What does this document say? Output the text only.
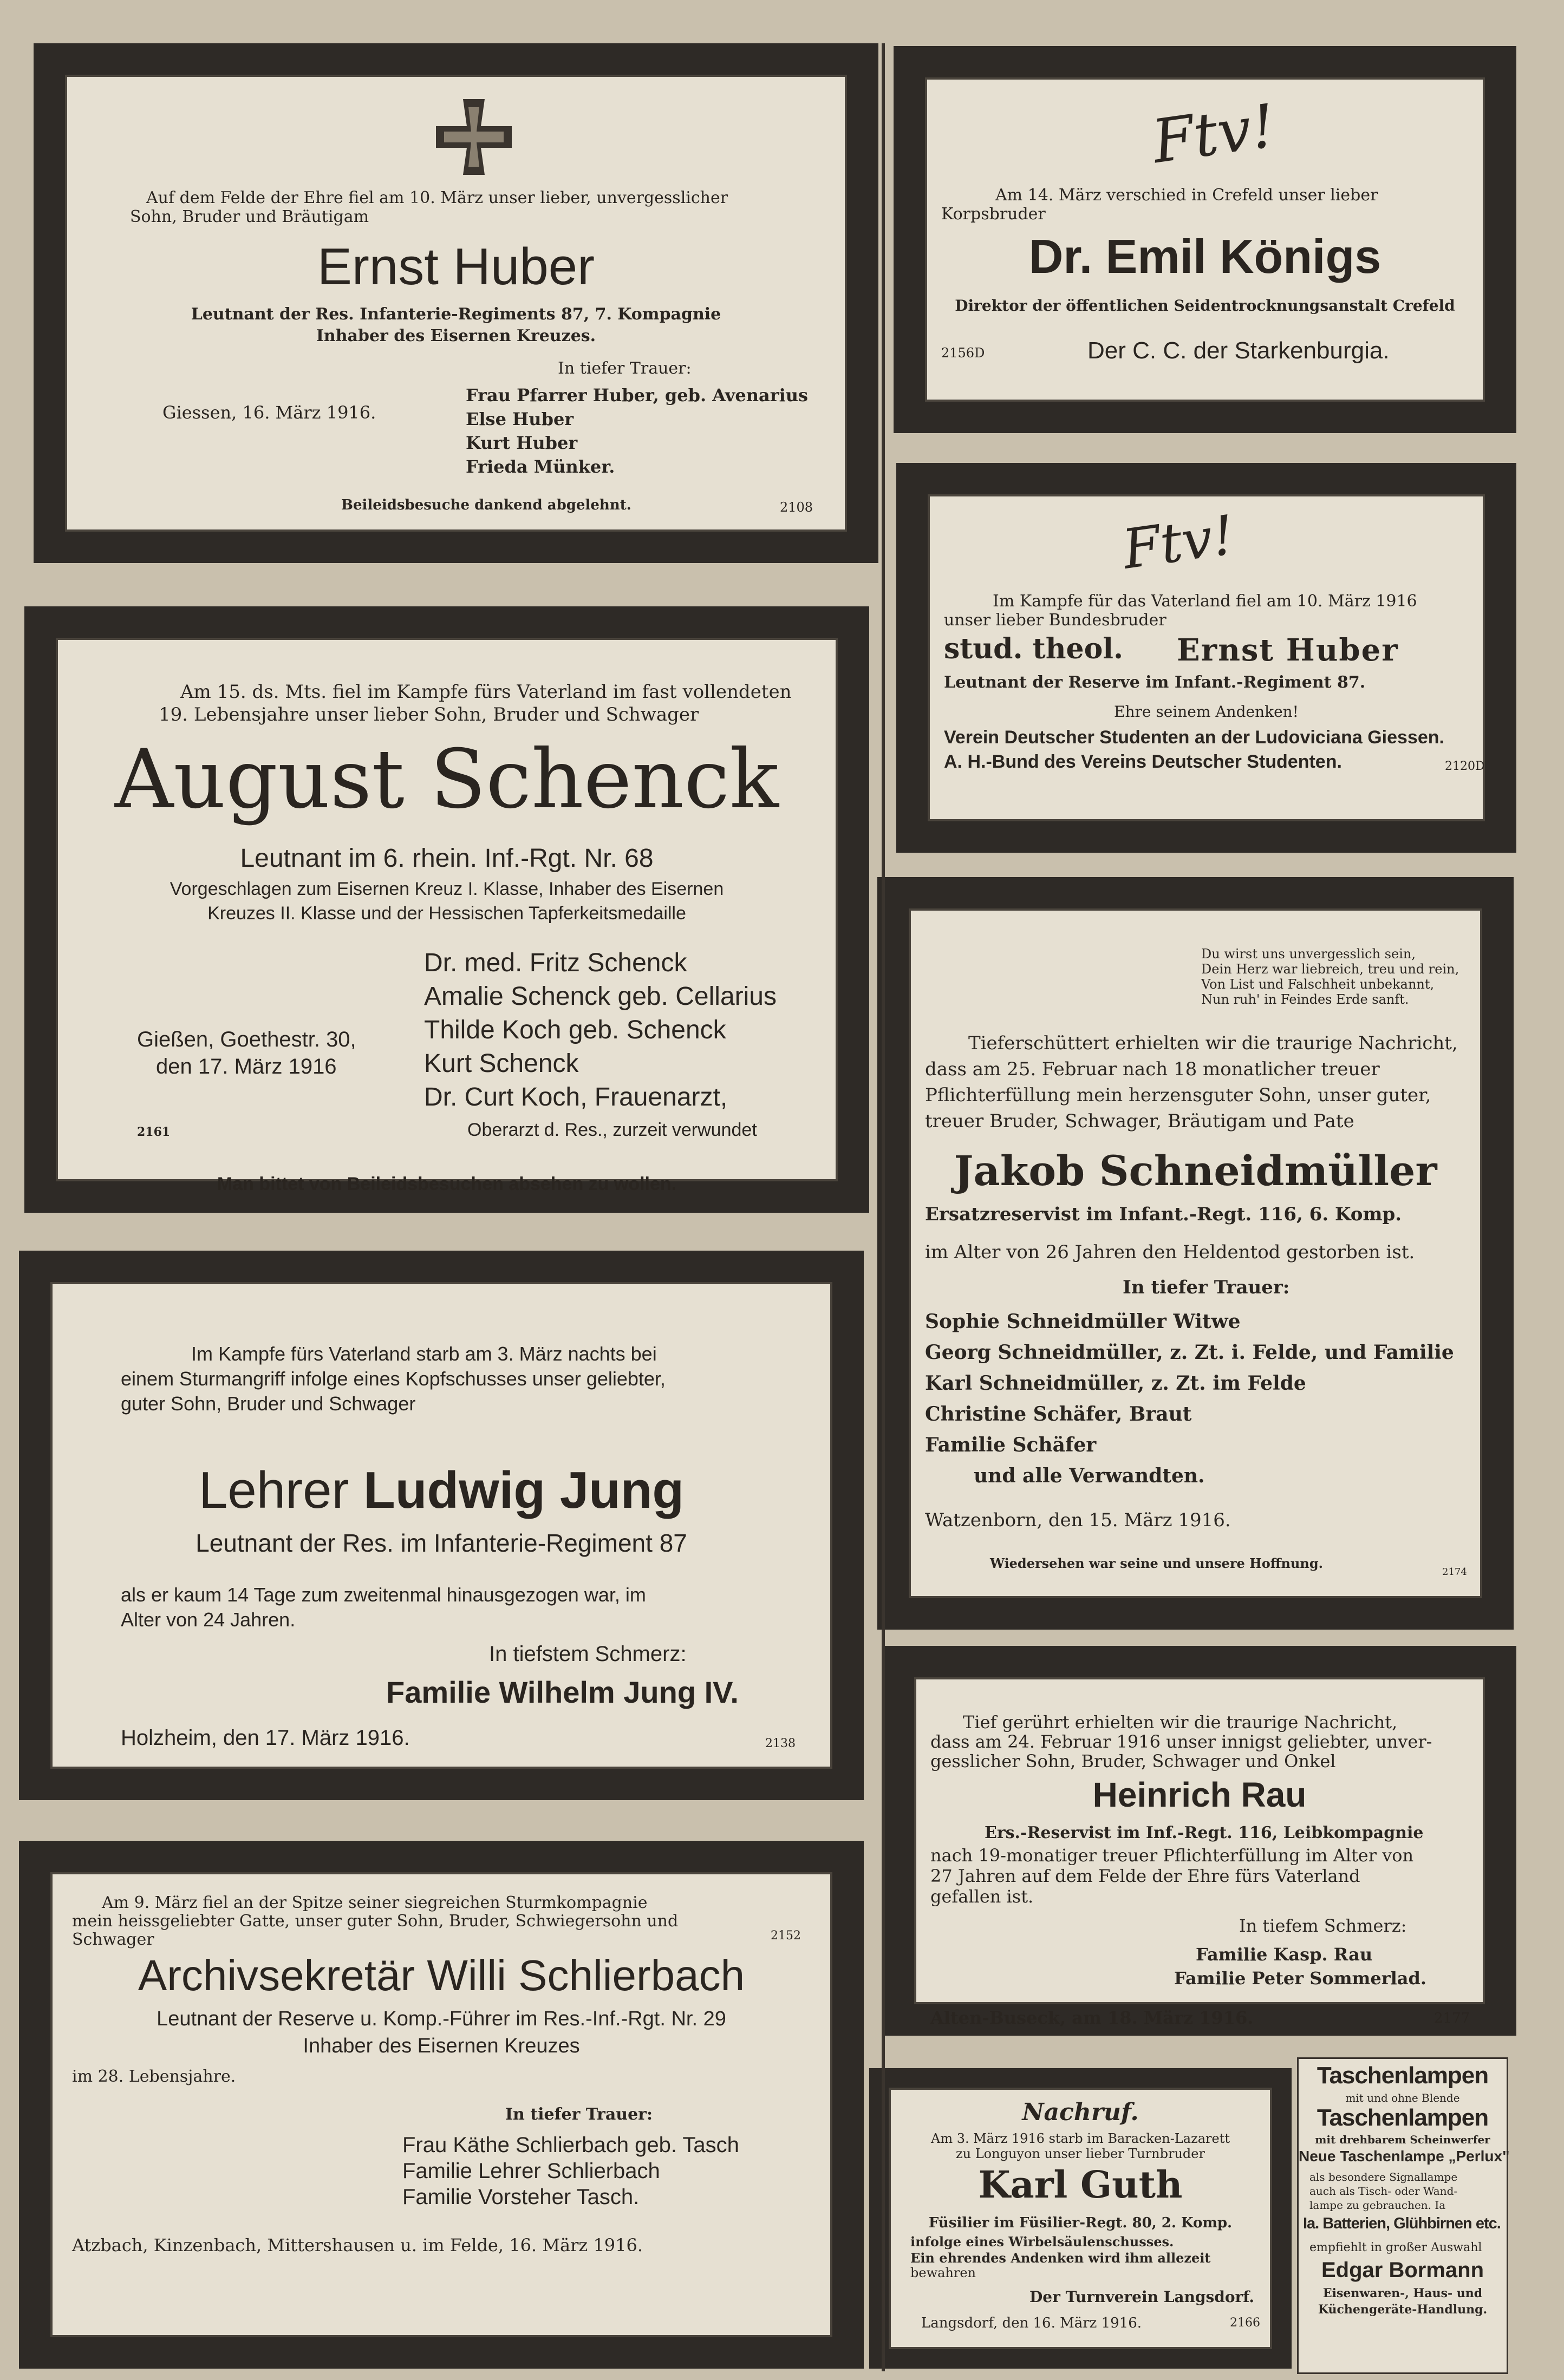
Auf dem Felde der Ehre fiel am 10. März unser lieber, unvergesslicher
Sohn, Bruder und Bräutigam
Ernst Huber
Leutnant der Res. Infanterie-Regiments 87, 7. Kompagnie
Inhaber des Eisernen Kreuzes.
In tiefer Trauer:
Giessen, 16. März 1916.
Frau Pfarrer Huber, geb. Avenarius
Else Huber
Kurt Huber
Frieda Münker.
Beileidsbesuche dankend abgelehnt.	2108
Ftv!
Am 14. März verschied in Crefeld unser lieber
Korpsbruder
Dr. Emil Königs
Direktor der öffentlichen Seidentrocknungsanstalt Crefeld
2156D	Der C. C. der Starkenburgia.
Ftv!
Im Kampfe für das Vaterland fiel am 10. März 1916
unser lieber Bundesbruder
stud. theol. Ernst Huber
Leutnant der Reserve im Infant.-Regiment 87.
Ehre seinem Andenken!
Verein Deutscher Studenten an der Ludoviciana Giessen.
A. H.-Bund des Vereins Deutscher Studenten.	2120D
Am 15. ds. Mts. fiel im Kampfe fürs Vaterland im fast vollendeten
19. Lebensjahre unser lieber Sohn, Bruder und Schwager
August Schenck
Leutnant im 6. rhein. Inf.-Rgt. Nr. 68
Vorgeschlagen zum Eisernen Kreuz I. Klasse, Inhaber des Eisernen
Kreuzes II. Klasse und der Hessischen Tapferkeitsmedaille
Gießen, Goethestr. 30,
den 17. März 1916
Dr. med. Fritz Schenck
Amalie Schenck geb. Cellarius
Thilde Koch geb. Schenck
Kurt Schenck
Dr. Curt Koch, Frauenarzt,
Oberarzt d. Res., zurzeit verwundet
2161
Man bittet von Beileidsbesuchen absehen zu wollen.
Du wirst uns unvergesslich sein,
Dein Herz war liebreich, treu und rein,
Von List und Falschheit unbekannt,
Nun ruh' in Feindes Erde sanft.
Tieferschüttert erhielten wir die traurige Nachricht,
dass am 25. Februar nach 18 monatlicher treuer
Pflichterfüllung mein herzensguter Sohn, unser guter,
treuer Bruder, Schwager, Bräutigam und Pate
Jakob Schneidmüller
Ersatzreservist im Infant.-Regt. 116, 6. Komp.
im Alter von 26 Jahren den Heldentod gestorben ist.
In tiefer Trauer:
Sophie Schneidmüller Witwe
Georg Schneidmüller, z. Zt. i. Felde, und Familie
Karl Schneidmüller, z. Zt. im Felde
Christine Schäfer, Braut
Familie Schäfer
und alle Verwandten.
Watzenborn, den 15. März 1916.
Wiedersehen war seine und unsere Hoffnung.
2174
Im Kampfe fürs Vaterland starb am 3. März nachts bei
einem Sturmangriff infolge eines Kopfschusses unser geliebter,
guter Sohn, Bruder und Schwager
Lehrer Ludwig Jung
Leutnant der Res. im Infanterie-Regiment 87
als er kaum 14 Tage zum zweitenmal hinausgezogen war, im
Alter von 24 Jahren.
In tiefstem Schmerz:
Familie Wilhelm Jung IV.
Holzheim, den 17. März 1916.	2138
Tief gerührt erhielten wir die traurige Nachricht,
dass am 24. Februar 1916 unser innigst geliebter, unver-
gesslicher Sohn, Bruder, Schwager und Onkel
Heinrich Rau
Ers.-Reservist im Inf.-Regt. 116, Leibkompagnie
nach 19-monatiger treuer Pflichterfüllung im Alter von
27 Jahren auf dem Felde der Ehre fürs Vaterland
gefallen ist.
In tiefem Schmerz:
Familie Kasp. Rau
Familie Peter Sommerlad.
Alten-Buseck, am 18. März 1916.	2177
Am 9. März fiel an der Spitze seiner siegreichen Sturmkompagnie
mein heissgeliebter Gatte, unser guter Sohn, Bruder, Schwiegersohn und
Schwager	2152
Archivsekretär Willi Schlierbach
Leutnant der Reserve u. Komp.-Führer im Res.-Inf.-Rgt. Nr. 29
Inhaber des Eisernen Kreuzes
im 28. Lebensjahre.
In tiefer Trauer:
Frau Käthe Schlierbach geb. Tasch
Familie Lehrer Schlierbach
Familie Vorsteher Tasch.
Atzbach, Kinzenbach, Mittershausen u. im Felde, 16. März 1916.
Nachruf.
Am 3. März 1916 starb im Baracken-Lazarett
zu Longuyon unser lieber Turnbruder
Karl Guth
Füsilier im Füsilier-Regt. 80, 2. Komp.
infolge eines Wirbelsäulenschusses.
Ein ehrendes Andenken wird ihm allezeit
bewahren
Der Turnverein Langsdorf.
Langsdorf, den 16. März 1916.	2166
Taschenlampen
mit und ohne Blende
Taschenlampen
mit drehbarem Scheinwerfer
Neue Taschenlampe „Perlux"
als besondere Signallampe
auch als Tisch- oder Wand-
lampe zu gebrauchen. Ia
Ia. Batterien, Glühbirnen etc.
empfiehlt in großer Auswahl
Edgar Bormann
Eisenwaren-, Haus- und
Küchengeräte-Handlung.
